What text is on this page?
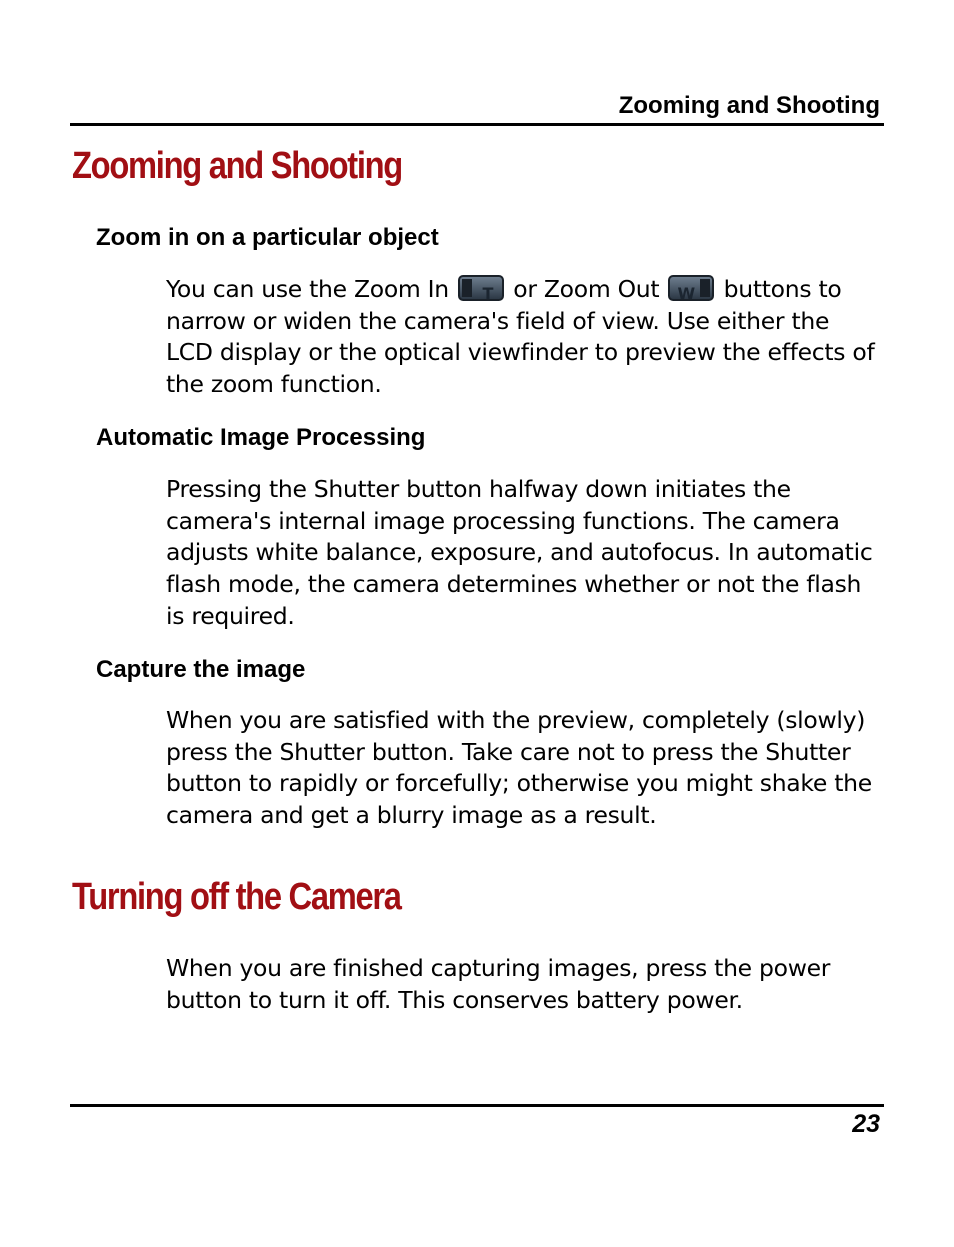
Zooming and Shooting
Zooming and Shooting
Zoom in on a particular object

You can use the Zoom In T or Zoom Out W buttons to narrow or widen the camera's field of view. Use either the LCD display or the optical viewfinder to preview the effects of the zoom function.

Automatic Image Processing

Pressing the Shutter button halfway down initiates the camera's internal image processing functions. The camera adjusts white balance, exposure, and autofocus. In automatic flash mode, the camera determines whether or not the flash is required.

Capture the image

When you are satisfied with the preview, completely (slowly) press the Shutter button. Take care not to press the Shutter button to rapidly or forcefully; otherwise you might shake the camera and get a blurry image as a result.

Turning off the Camera

When you are finished capturing images, press the power button to turn it off. This conserves battery power.

23
